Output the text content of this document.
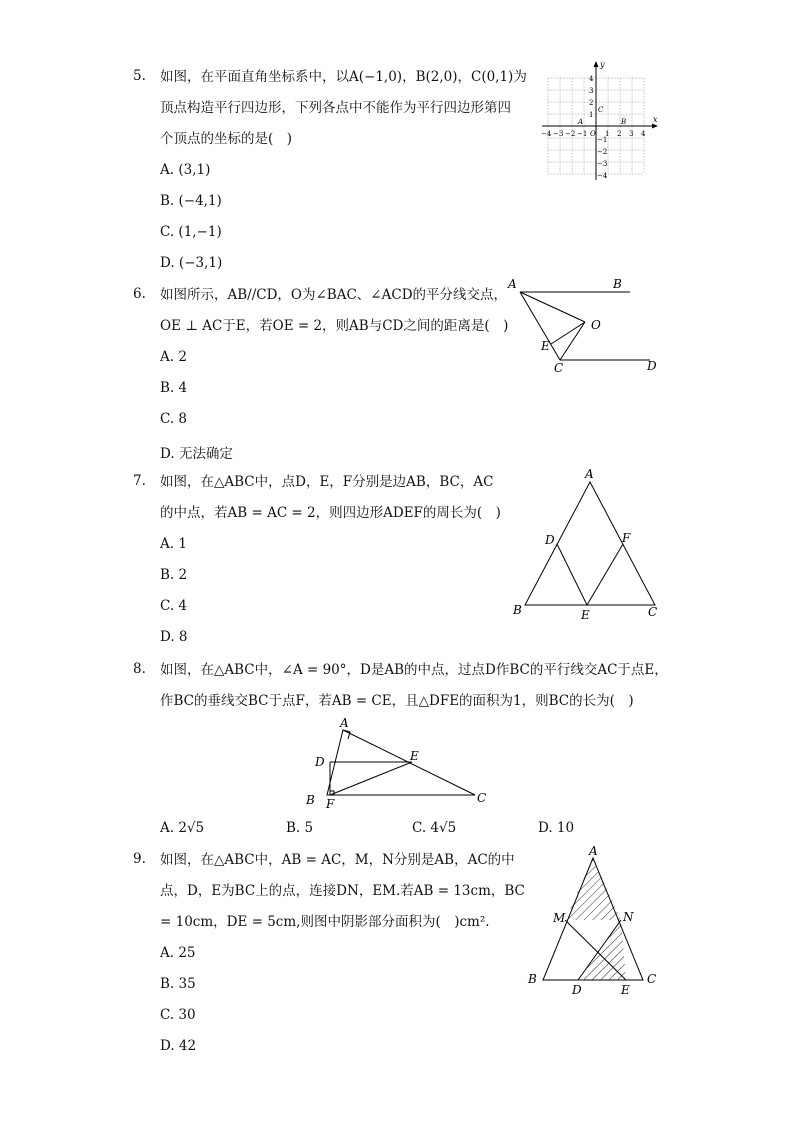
5. 如图，在平面直角坐标系中，以A(−1,0)，B(2,0)，C(0,1)为
顶点构造平行四边形，下列各点中不能作为平行四边形第四
个顶点的坐标的是(　)
A. (3,1)
B. (−4,1)
C. (1,−1)
D. (−3,1)
x
y
−4 −3 −2 −1	1 2 3 4
4
3
2
1
−1
−2
−3
−4
O
A	B
C
6. 如图所示，AB//CD，O为∠BAC、∠ACD的平分线交点，
OE ⊥ AC于E，若OE = 2，则AB与CD之间的距离是(　)
A. 2
B. 4
C. 8
D. 无法确定
A	B
O
E
C	D
7. 如图，在△ABC中，点D，E，F分别是边AB，BC，AC
的中点，若AB = AC = 2，则四边形ADEF的周长为(　)
A. 1
B. 2
C. 4
D. 8
A
D	F
B	E	C
8. 如图，在△ABC中，∠A = 90°，D是AB的中点，过点D作BC的平行线交AC于点E，
作BC的垂线交BC于点F，若AB = CE，且△DFE的面积为1，则BC的长为(　)
A
D	E
B F	C
A. 2√5	B. 5	C. 4√5	D. 10
9. 如图，在△ABC中，AB = AC，M，N分别是AB，AC的中
点，D，E为BC上的点，连接DN，EM.若AB = 13cm，BC
= 10cm，DE = 5cm,则图中阴影部分面积为(　)cm².
A. 25
B. 35
C. 30
D. 42
A
M	N
B
D	E
C
